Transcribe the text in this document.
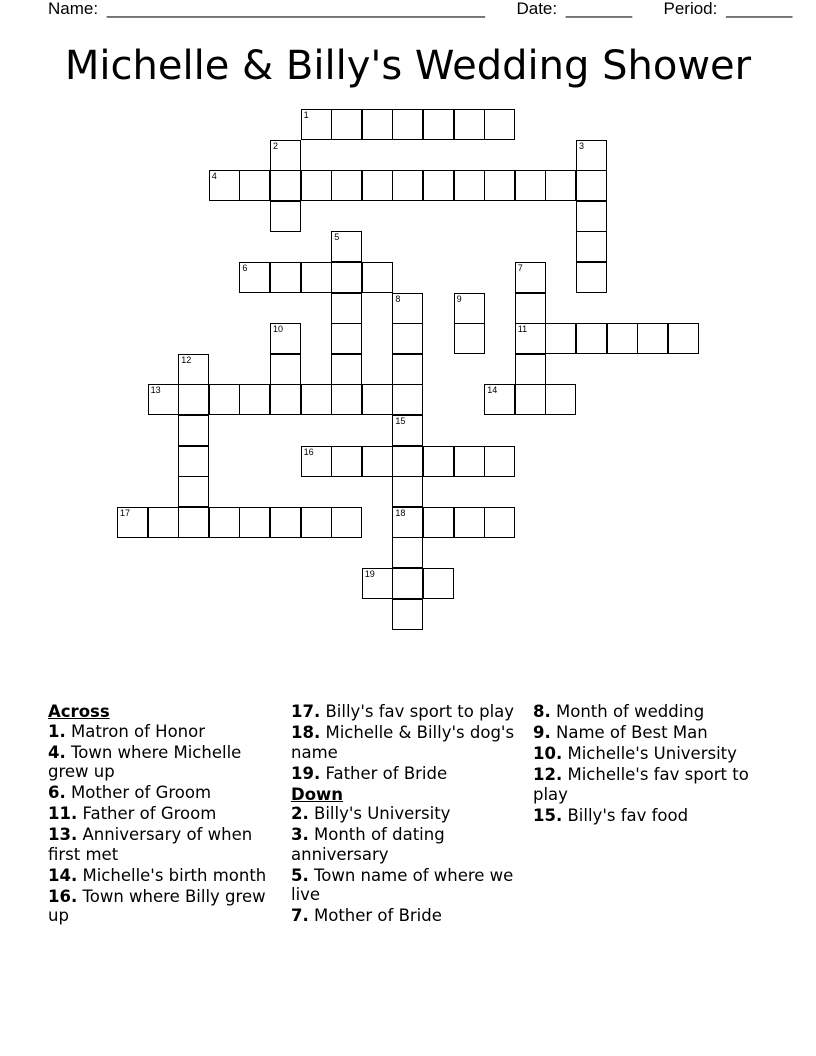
Name: ________________________________________ Date: _______ Period: _______
Michelle & Billy's Wedding Shower
1
4
6
11
13	14
16
17	18
19
2	3
5
7
8	9
10
12
15
Across
1. Matron of Honor
4. Town where Michelle grew up
6. Mother of Groom
11. Father of Groom
13. Anniversary of when first met
14. Michelle's birth month
16. Town where Billy grew up
17. Billy's fav sport to play
18. Michelle & Billy's dog's name
19. Father of Bride
Down
2. Billy's University
3. Month of dating anniversary
5. Town name of where we live
7. Mother of Bride
8. Month of wedding
9. Name of Best Man
10. Michelle's University
12. Michelle's fav sport to play
15. Billy's fav food
